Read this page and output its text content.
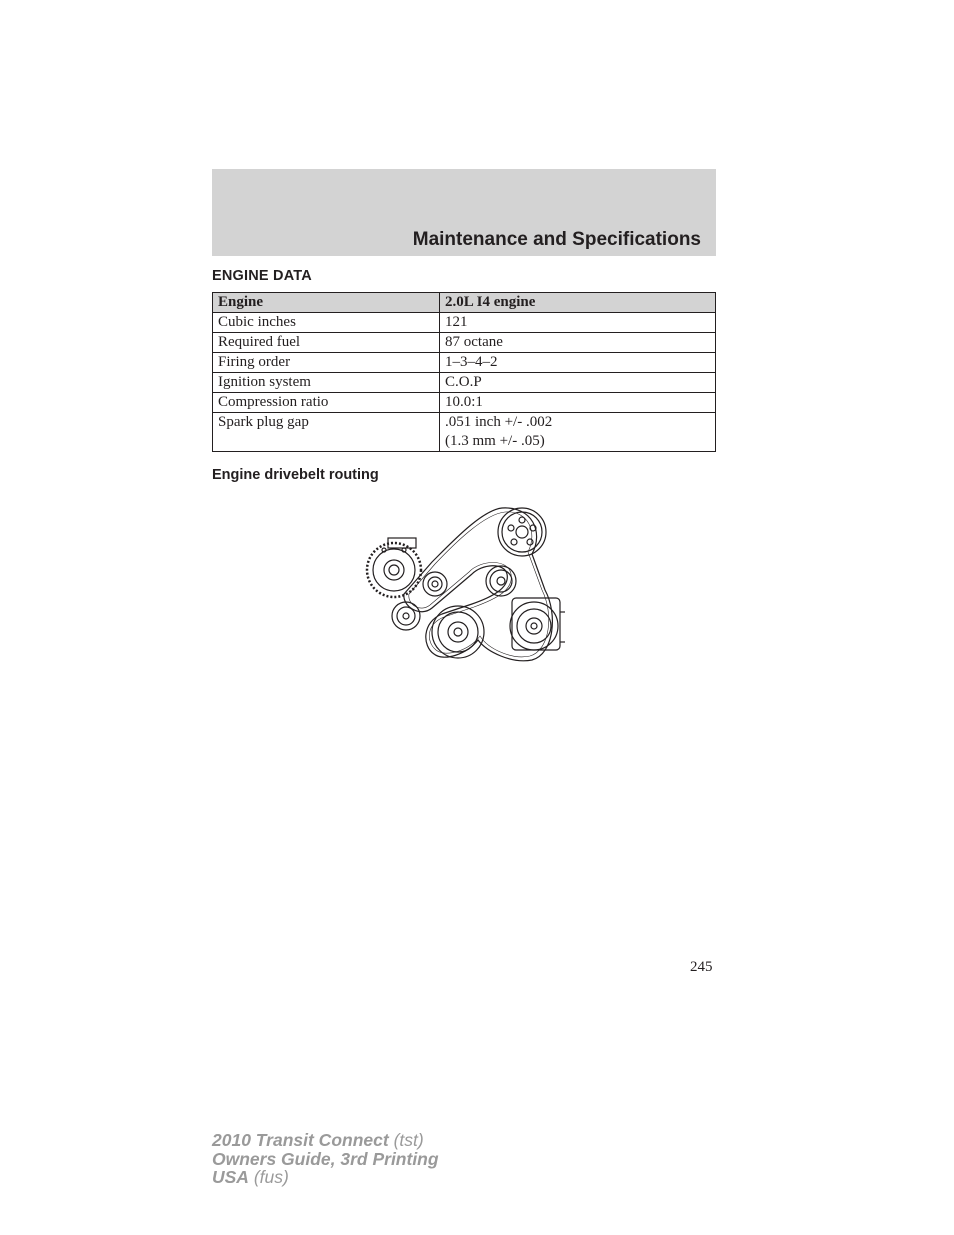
Maintenance and Specifications
ENGINE DATA
Engine	2.0L I4 engine
Cubic inches	121
Required fuel	87 octane
Firing order	1–3–4–2
Ignition system	C.O.P
Compression ratio	10.0:1
Spark plug gap	.051 inch +/- .002
(1.3 mm +/- .05)
Engine drivebelt routing
245
2010 Transit Connect (tst)
Owners Guide, 3rd Printing
USA (fus)
